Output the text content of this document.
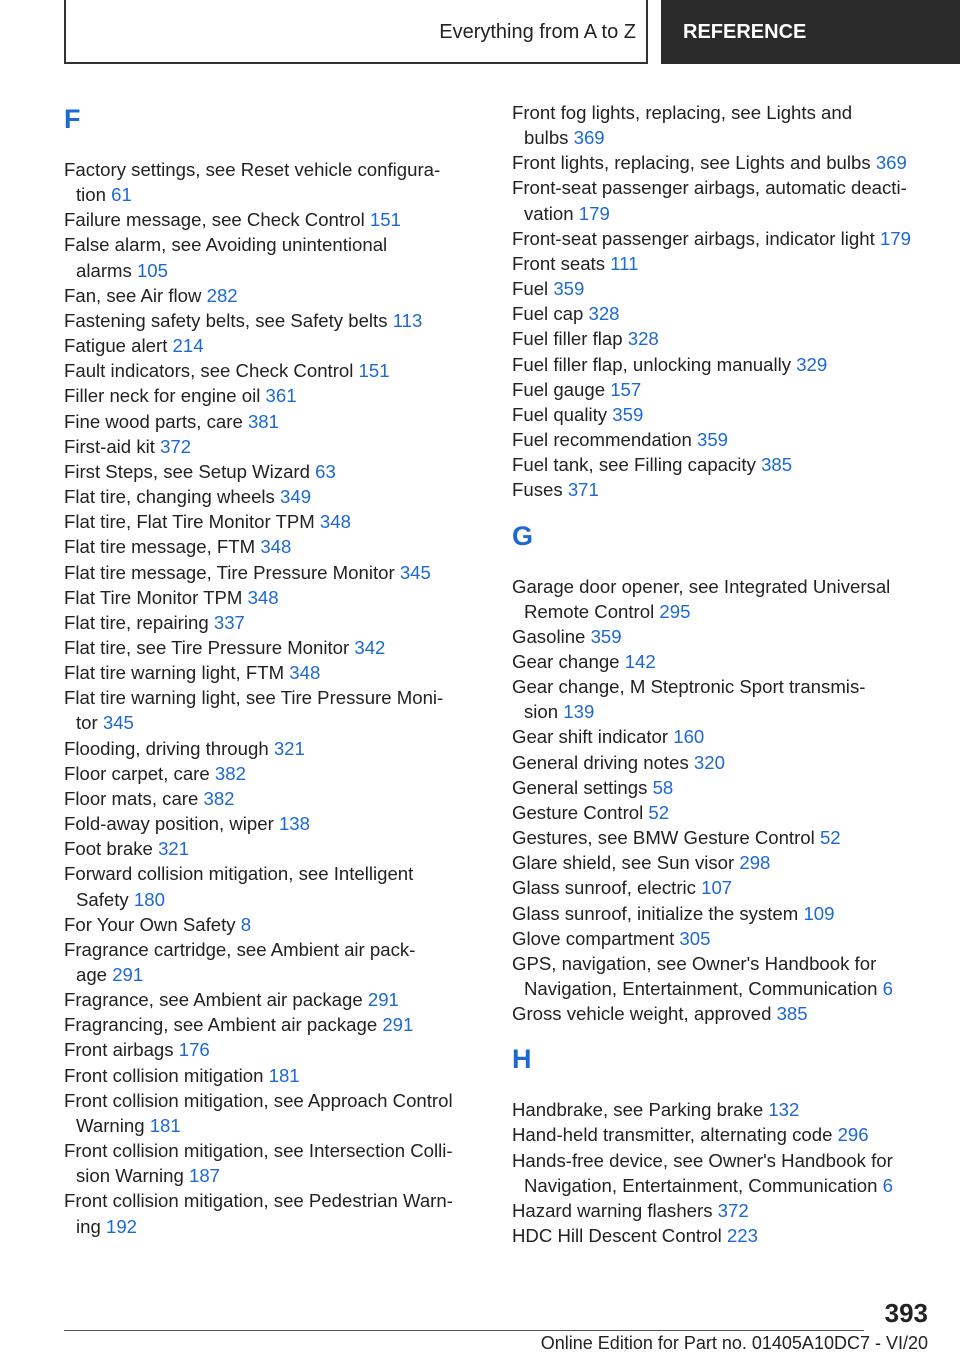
Everything from A to Z	REFERENCE
F
Factory settings, see Reset vehicle configura‐
tion 61
Failure message, see Check Control 151
False alarm, see Avoiding unintentional
alarms 105
Fan, see Air flow 282
Fastening safety belts, see Safety belts 113
Fatigue alert 214
Fault indicators, see Check Control 151
Filler neck for engine oil 361
Fine wood parts, care 381
First-aid kit 372
First Steps, see Setup Wizard 63
Flat tire, changing wheels 349
Flat tire, Flat Tire Monitor TPM 348
Flat tire message, FTM 348
Flat tire message, Tire Pressure Monitor 345
Flat Tire Monitor TPM 348
Flat tire, repairing 337
Flat tire, see Tire Pressure Monitor 342
Flat tire warning light, FTM 348
Flat tire warning light, see Tire Pressure Moni‐
tor 345
Flooding, driving through 321
Floor carpet, care 382
Floor mats, care 382
Fold-away position, wiper 138
Foot brake 321
Forward collision mitigation, see Intelligent
Safety 180
For Your Own Safety 8
Fragrance cartridge, see Ambient air pack‐
age 291
Fragrance, see Ambient air package 291
Fragrancing, see Ambient air package 291
Front airbags 176
Front collision mitigation 181
Front collision mitigation, see Approach Control
Warning 181
Front collision mitigation, see Intersection Colli‐
sion Warning 187
Front collision mitigation, see Pedestrian Warn‐
ing 192
Front fog lights, replacing, see Lights and
bulbs 369
Front lights, replacing, see Lights and bulbs 369
Front-seat passenger airbags, automatic deacti‐
vation 179
Front-seat passenger airbags, indicator light 179
Front seats 111
Fuel 359
Fuel cap 328
Fuel filler flap 328
Fuel filler flap, unlocking manually 329
Fuel gauge 157
Fuel quality 359
Fuel recommendation 359
Fuel tank, see Filling capacity 385
Fuses 371
G
Garage door opener, see Integrated Universal
Remote Control 295
Gasoline 359
Gear change 142
Gear change, M Steptronic Sport transmis‐
sion 139
Gear shift indicator 160
General driving notes 320
General settings 58
Gesture Control 52
Gestures, see BMW Gesture Control 52
Glare shield, see Sun visor 298
Glass sunroof, electric 107
Glass sunroof, initialize the system 109
Glove compartment 305
GPS, navigation, see Owner's Handbook for
Navigation, Entertainment, Communication 6
Gross vehicle weight, approved 385
H
Handbrake, see Parking brake 132
Hand-held transmitter, alternating code 296
Hands-free device, see Owner's Handbook for
Navigation, Entertainment, Communication 6
Hazard warning flashers 372
HDC Hill Descent Control 223
393
Online Edition for Part no. 01405A10DC7 - VI/20
